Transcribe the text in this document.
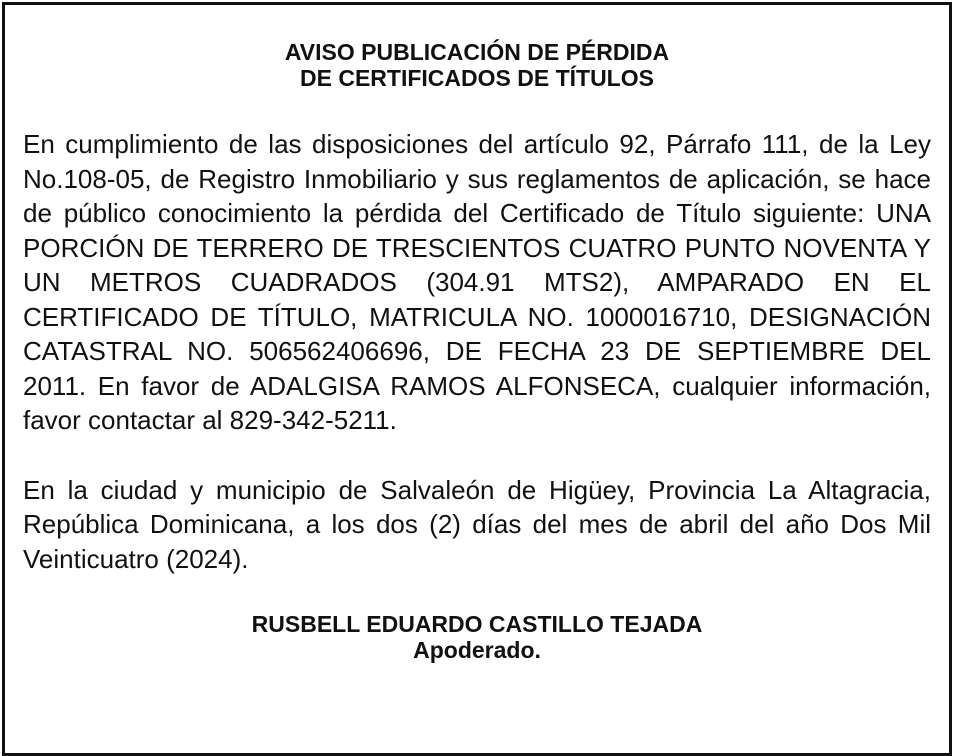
AVISO PUBLICACIÓN DE PÉRDIDA
DE CERTIFICADOS DE TÍTULOS

En cumplimiento de las disposiciones del artículo 92, Párrafo 111, de la Ley No.108-05, de Registro Inmobiliario y sus reglamentos de aplicación, se hace de público conocimiento la pérdida del Certificado de Título siguiente: UNA PORCIÓN DE TERRERO DE TRESCIENTOS CUATRO PUNTO NOVENTA Y UN METROS CUADRADOS (304.91 MTS2), AMPARADO EN EL CERTIFICADO DE TÍTULO, MATRICULA NO. 1000016710, DESIGNACIÓN CATASTRAL NO. 506562406696, DE FECHA 23 DE SEPTIEMBRE DEL 2011. En favor de ADALGISA RAMOS ALFONSECA, cualquier información, favor contactar al 829-342-5211.

En la ciudad y municipio de Salvaleón de Higüey, Provincia La Altagracia, República Dominicana, a los dos (2) días del mes de abril del año Dos Mil Veinticuatro (2024).

RUSBELL EDUARDO CASTILLO TEJADA
Apoderado.
